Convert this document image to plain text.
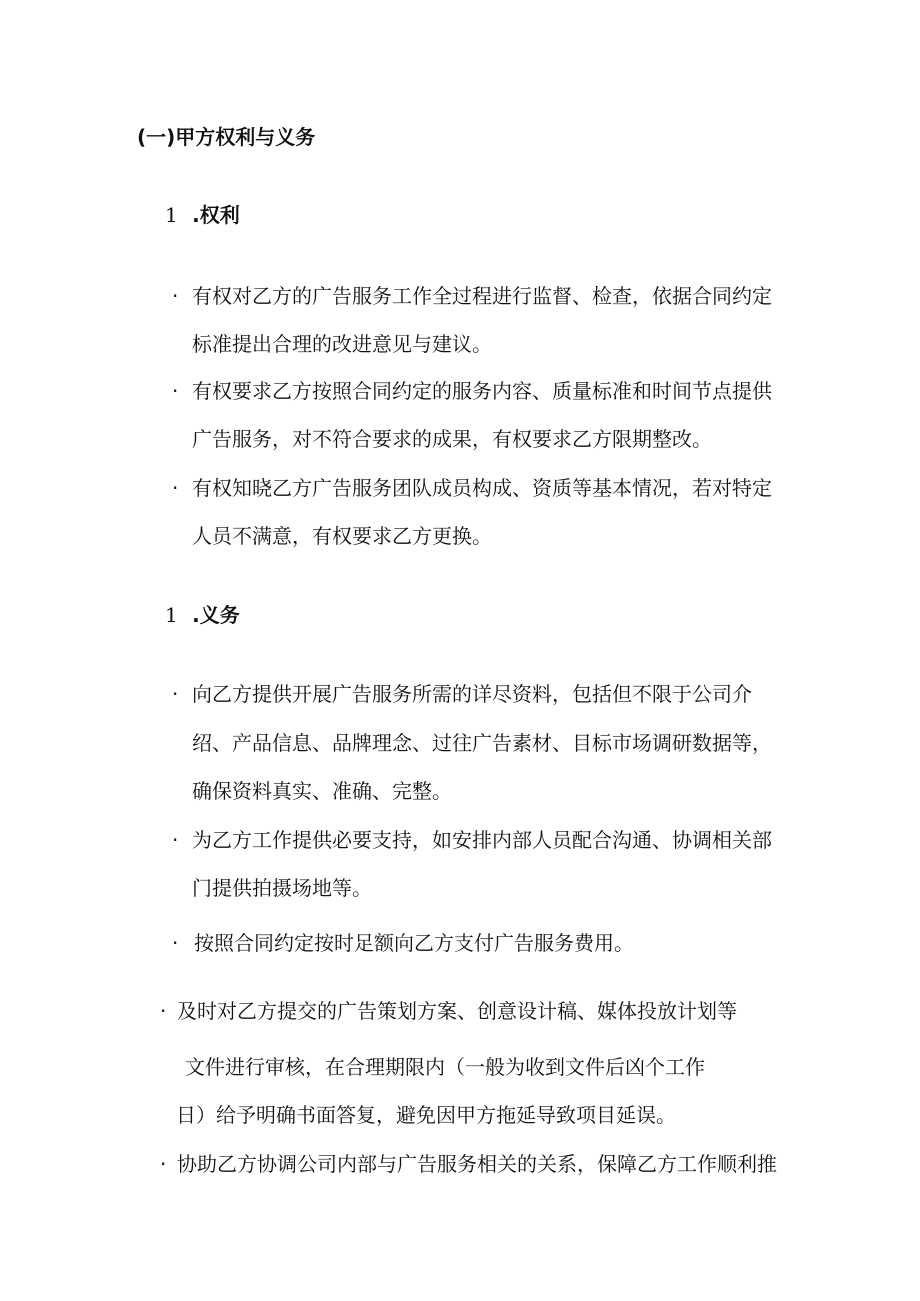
(一)甲方权利与义务
1 .权利
· 有权对乙方的广告服务工作全过程进行监督、检查，依据合同约定
标准提出合理的改进意见与建议。
· 有权要求乙方按照合同约定的服务内容、质量标准和时间节点提供
广告服务，对不符合要求的成果，有权要求乙方限期整改。
· 有权知晓乙方广告服务团队成员构成、资质等基本情况，若对特定
人员不满意，有权要求乙方更换。
1 .义务
· 向乙方提供开展广告服务所需的详尽资料，包括但不限于公司介
绍、产品信息、品牌理念、过往广告素材、目标市场调研数据等，
确保资料真实、准确、完整。
· 为乙方工作提供必要支持，如安排内部人员配合沟通、协调相关部
门提供拍摄场地等。
· 按照合同约定按时足额向乙方支付广告服务费用。
· 及时对乙方提交的广告策划方案、创意设计稿、媒体投放计划等
文件进行审核，在合理期限内（一般为收到文件后凶个工作
日）给予明确书面答复，避免因甲方拖延导致项目延误。
· 协助乙方协调公司内部与广告服务相关的关系，保障乙方工作顺利推
